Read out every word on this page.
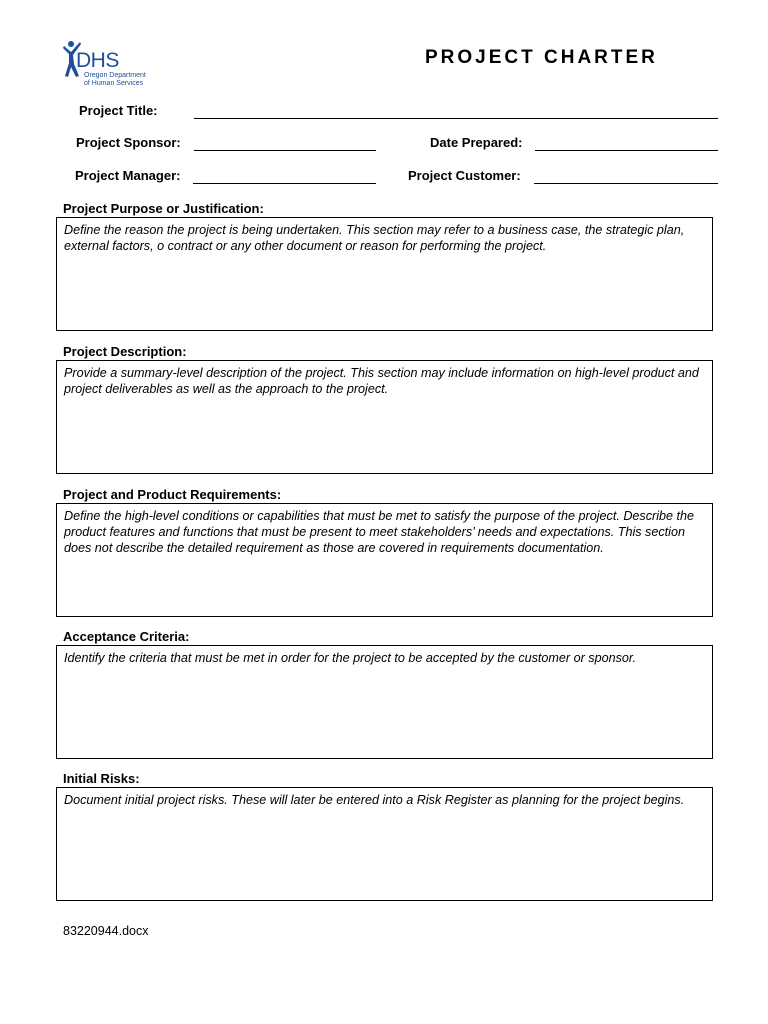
DHS
Oregon Department
of Human Services
PROJECT CHARTER
Project Title:
Project Sponsor:	Date Prepared:
Project Manager:	Project Customer:
Project Purpose or Justification:
Define the reason the project is being undertaken. This section may refer to a business case, the strategic plan, external factors, o contract or any other document or reason for performing the project.
Project Description:
Provide a summary-level description of the project. This section may include information on high-level product and project deliverables as well as the approach to the project.
Project and Product Requirements:
Define the high-level conditions or capabilities that must be met to satisfy the purpose of the project. Describe the product features and functions that must be present to meet stakeholders’ needs and expectations. This section does not describe the detailed requirement as those are covered in requirements documentation.
Acceptance Criteria:
Identify the criteria that must be met in order for the project to be accepted by the customer or sponsor.
Initial Risks:
Document initial project risks. These will later be entered into a Risk Register as planning for the project begins.
83220944.docx
